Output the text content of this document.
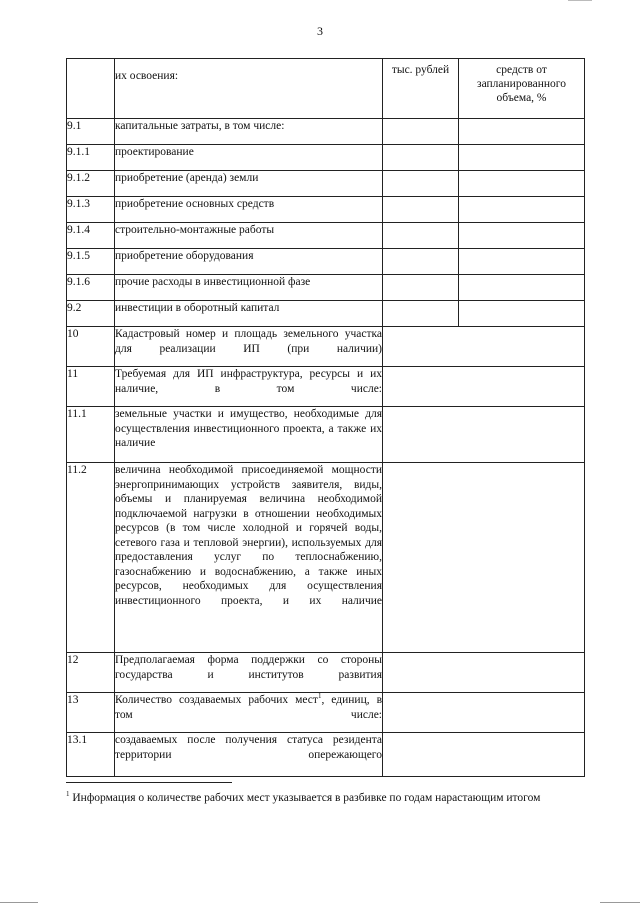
3
	их освоения:	тыс. рублей	средств от запланированного объема, %
9.1	капитальные затраты, в том числе:		
9.1.1	проектирование		
9.1.2	приобретение (аренда) земли		
9.1.3	приобретение основных средств		
9.1.4	строительно-монтажные работы		
9.1.5	приобретение оборудования		
9.1.6	прочие расходы в инвестиционной фазе		
9.2	инвестиции в оборотный капитал		
10	Кадастровый номер и площадь земельного участка для реализации ИП (при наличии)		
11	Требуемая для ИП инфраструктура, ресурсы и их наличие, в том числе:		
11.1	земельные участки и имущество, необходимые для осуществления инвестиционного проекта, а также их наличие		
11.2	величина необходимой присоединяемой мощности энергопринимающих устройств заявителя, виды, объемы и планируемая величина необходимой подключаемой нагрузки в отношении необходимых ресурсов (в том числе холодной и горячей воды, сетевого газа и тепловой энергии), используемых для предоставления услуг по теплоснабжению, газоснабжению и водоснабжению, а также иных ресурсов, необходимых для осуществления инвестиционного проекта, и их наличие		
12	Предполагаемая форма поддержки со стороны государства и институтов развития		
13	Количество создаваемых рабочих мест$^1$, единиц, в том числе:		
13.1	создаваемых после получения статуса резидента территории опережающего		
$^1$ Информация о количестве рабочих мест указывается в разбивке по годам нарастающим итогом
